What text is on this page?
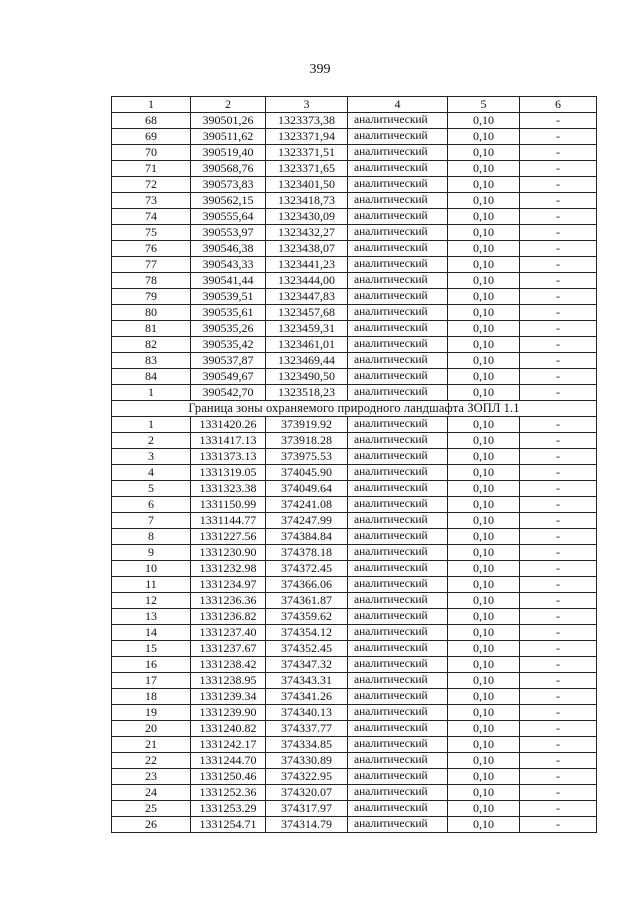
399
1	2	3	4	5	6
68	390501,26	1323373,38	аналитический	0,10	-
69	390511,62	1323371,94	аналитический	0,10	-
70	390519,40	1323371,51	аналитический	0,10	-
71	390568,76	1323371,65	аналитический	0,10	-
72	390573,83	1323401,50	аналитический	0,10	-
73	390562,15	1323418,73	аналитический	0,10	-
74	390555,64	1323430,09	аналитический	0,10	-
75	390553,97	1323432,27	аналитический	0,10	-
76	390546,38	1323438,07	аналитический	0,10	-
77	390543,33	1323441,23	аналитический	0,10	-
78	390541,44	1323444,00	аналитический	0,10	-
79	390539,51	1323447,83	аналитический	0,10	-
80	390535,61	1323457,68	аналитический	0,10	-
81	390535,26	1323459,31	аналитический	0,10	-
82	390535,42	1323461,01	аналитический	0,10	-
83	390537,87	1323469,44	аналитический	0,10	-
84	390549,67	1323490,50	аналитический	0,10	-
1	390542,70	1323518,23	аналитический	0,10	-
Граница зоны охраняемого природного ландшафта ЗОПЛ 1.1					
1	1331420.26	373919.92	аналитический	0,10	-
2	1331417.13	373918.28	аналитический	0,10	-
3	1331373.13	373975.53	аналитический	0,10	-
4	1331319.05	374045.90	аналитический	0,10	-
5	1331323.38	374049.64	аналитический	0,10	-
6	1331150.99	374241.08	аналитический	0,10	-
7	1331144.77	374247.99	аналитический	0,10	-
8	1331227.56	374384.84	аналитический	0,10	-
9	1331230.90	374378.18	аналитический	0,10	-
10	1331232.98	374372.45	аналитический	0,10	-
11	1331234.97	374366.06	аналитический	0,10	-
12	1331236.36	374361.87	аналитический	0,10	-
13	1331236.82	374359.62	аналитический	0,10	-
14	1331237.40	374354.12	аналитический	0,10	-
15	1331237.67	374352.45	аналитический	0,10	-
16	1331238.42	374347.32	аналитический	0,10	-
17	1331238.95	374343.31	аналитический	0,10	-
18	1331239.34	374341.26	аналитический	0,10	-
19	1331239.90	374340.13	аналитический	0,10	-
20	1331240.82	374337.77	аналитический	0,10	-
21	1331242.17	374334.85	аналитический	0,10	-
22	1331244.70	374330.89	аналитический	0,10	-
23	1331250.46	374322.95	аналитический	0,10	-
24	1331252.36	374320.07	аналитический	0,10	-
25	1331253.29	374317.97	аналитический	0,10	-
26	1331254.71	374314.79	аналитический	0,10	-
